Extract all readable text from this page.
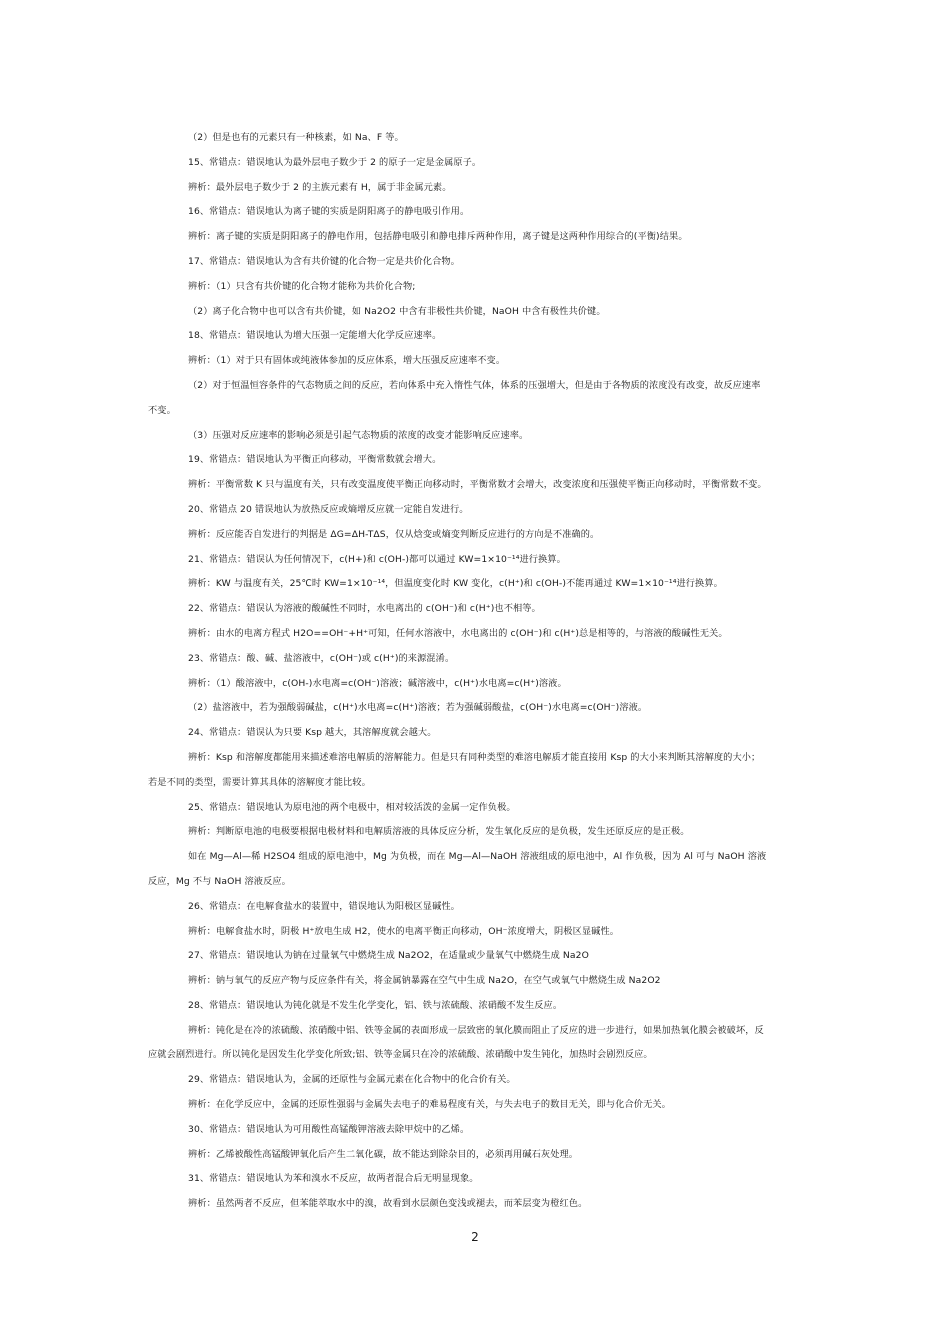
（2）但是也有的元素只有一种核素，如 Na、F 等。
15、常错点：错误地认为最外层电子数少于 2 的原子一定是金属原子。
辨析：最外层电子数少于 2 的主族元素有 H，属于非金属元素。
16、常错点：错误地认为离子键的实质是阴阳离子的静电吸引作用。
辨析：离子键的实质是阴阳离子的静电作用，包括静电吸引和静电排斥两种作用，离子键是这两种作用综合的(平衡)结果。
17、常错点：错误地认为含有共价键的化合物一定是共价化合物。
辨析：（1）只含有共价键的化合物才能称为共价化合物;
（2）离子化合物中也可以含有共价键，如 Na2O2 中含有非极性共价键，NaOH 中含有极性共价键。
18、常错点：错误地认为增大压强一定能增大化学反应速率。
辨析：（1）对于只有固体或纯液体参加的反应体系，增大压强反应速率不变。
（2）对于恒温恒容条件的气态物质之间的反应，若向体系中充入惰性气体，体系的压强增大，但是由于各物质的浓度没有改变，故反应速率
不变。
（3）压强对反应速率的影响必须是引起气态物质的浓度的改变才能影响反应速率。
19、常错点：错误地认为平衡正向移动，平衡常数就会增大。
辨析：平衡常数 K 只与温度有关，只有改变温度使平衡正向移动时，平衡常数才会增大，改变浓度和压强使平衡正向移动时，平衡常数不变。
20、常错点 20 错误地认为放热反应或熵增反应就一定能自发进行。
辨析：反应能否自发进行的判据是 ΔG=ΔH-TΔS，仅从焓变或熵变判断反应进行的方向是不准确的。
21、常错点：错误认为任何情况下，c(H+)和 c(OH-)都可以通过 KW=1×10⁻¹⁴进行换算。
辨析：KW 与温度有关，25℃时 KW=1×10⁻¹⁴，但温度变化时 KW 变化，c(H⁺)和 c(OH-)不能再通过 KW=1×10⁻¹⁴进行换算。
22、常错点：错误认为溶液的酸碱性不同时，水电离出的 c(OH⁻)和 c(H⁺)也不相等。
辨析：由水的电离方程式 H2O==OH⁻+H⁺可知，任何水溶液中，水电离出的 c(OH⁻)和 c(H⁺)总是相等的，与溶液的酸碱性无关。
23、常错点：酸、碱、盐溶液中，c(OH⁻)或 c(H⁺)的来源混淆。
辨析：（1）酸溶液中，c(OH-)水电离=c(OH⁻)溶液；碱溶液中，c(H⁺)水电离=c(H⁺)溶液。
（2）盐溶液中，若为强酸弱碱盐，c(H⁺)水电离=c(H⁺)溶液；若为强碱弱酸盐，c(OH⁻)水电离=c(OH⁻)溶液。
24、常错点：错误认为只要 Ksp 越大，其溶解度就会越大。
辨析：Ksp 和溶解度都能用来描述难溶电解质的溶解能力。但是只有同种类型的难溶电解质才能直接用 Ksp 的大小来判断其溶解度的大小；
若是不同的类型，需要计算其具体的溶解度才能比较。
25、常错点：错误地认为原电池的两个电极中，相对较活泼的金属一定作负极。
辨析：判断原电池的电极要根据电极材料和电解质溶液的具体反应分析，发生氧化反应的是负极，发生还原反应的是正极。
如在 Mg—Al—稀 H2SO4 组成的原电池中，Mg 为负极，而在 Mg—Al—NaOH 溶液组成的原电池中，Al 作负极，因为 Al 可与 NaOH 溶液
反应，Mg 不与 NaOH 溶液反应。
26、常错点：在电解食盐水的装置中，错误地认为阳极区显碱性。
辨析：电解食盐水时，阴极 H⁺放电生成 H2，使水的电离平衡正向移动，OH⁻浓度增大，阴极区显碱性。
27、常错点：错误地认为钠在过量氧气中燃烧生成 Na2O2，在适量或少量氧气中燃烧生成 Na2O
辨析：钠与氧气的反应产物与反应条件有关，将金属钠暴露在空气中生成 Na2O，在空气或氧气中燃烧生成 Na2O2
28、常错点：错误地认为钝化就是不发生化学变化，铝、铁与浓硫酸、浓硝酸不发生反应。
辨析：钝化是在冷的浓硫酸、浓硝酸中铝、铁等金属的表面形成一层致密的氧化膜而阻止了反应的进一步进行，如果加热氧化膜会被破坏，反
应就会剧烈进行。所以钝化是因发生化学变化所致;铝、铁等金属只在冷的浓硫酸、浓硝酸中发生钝化，加热时会剧烈反应。
29、常错点：错误地认为，金属的还原性与金属元素在化合物中的化合价有关。
辨析：在化学反应中，金属的还原性强弱与金属失去电子的难易程度有关，与失去电子的数目无关，即与化合价无关。
30、常错点：错误地认为可用酸性高锰酸钾溶液去除甲烷中的乙烯。
辨析：乙烯被酸性高锰酸钾氧化后产生二氧化碳，故不能达到除杂目的，必须再用碱石灰处理。
31、常错点：错误地认为苯和溴水不反应，故两者混合后无明显现象。
辨析：虽然两者不反应，但苯能萃取水中的溴，故看到水层颜色变浅或褪去，而苯层变为橙红色。
2
